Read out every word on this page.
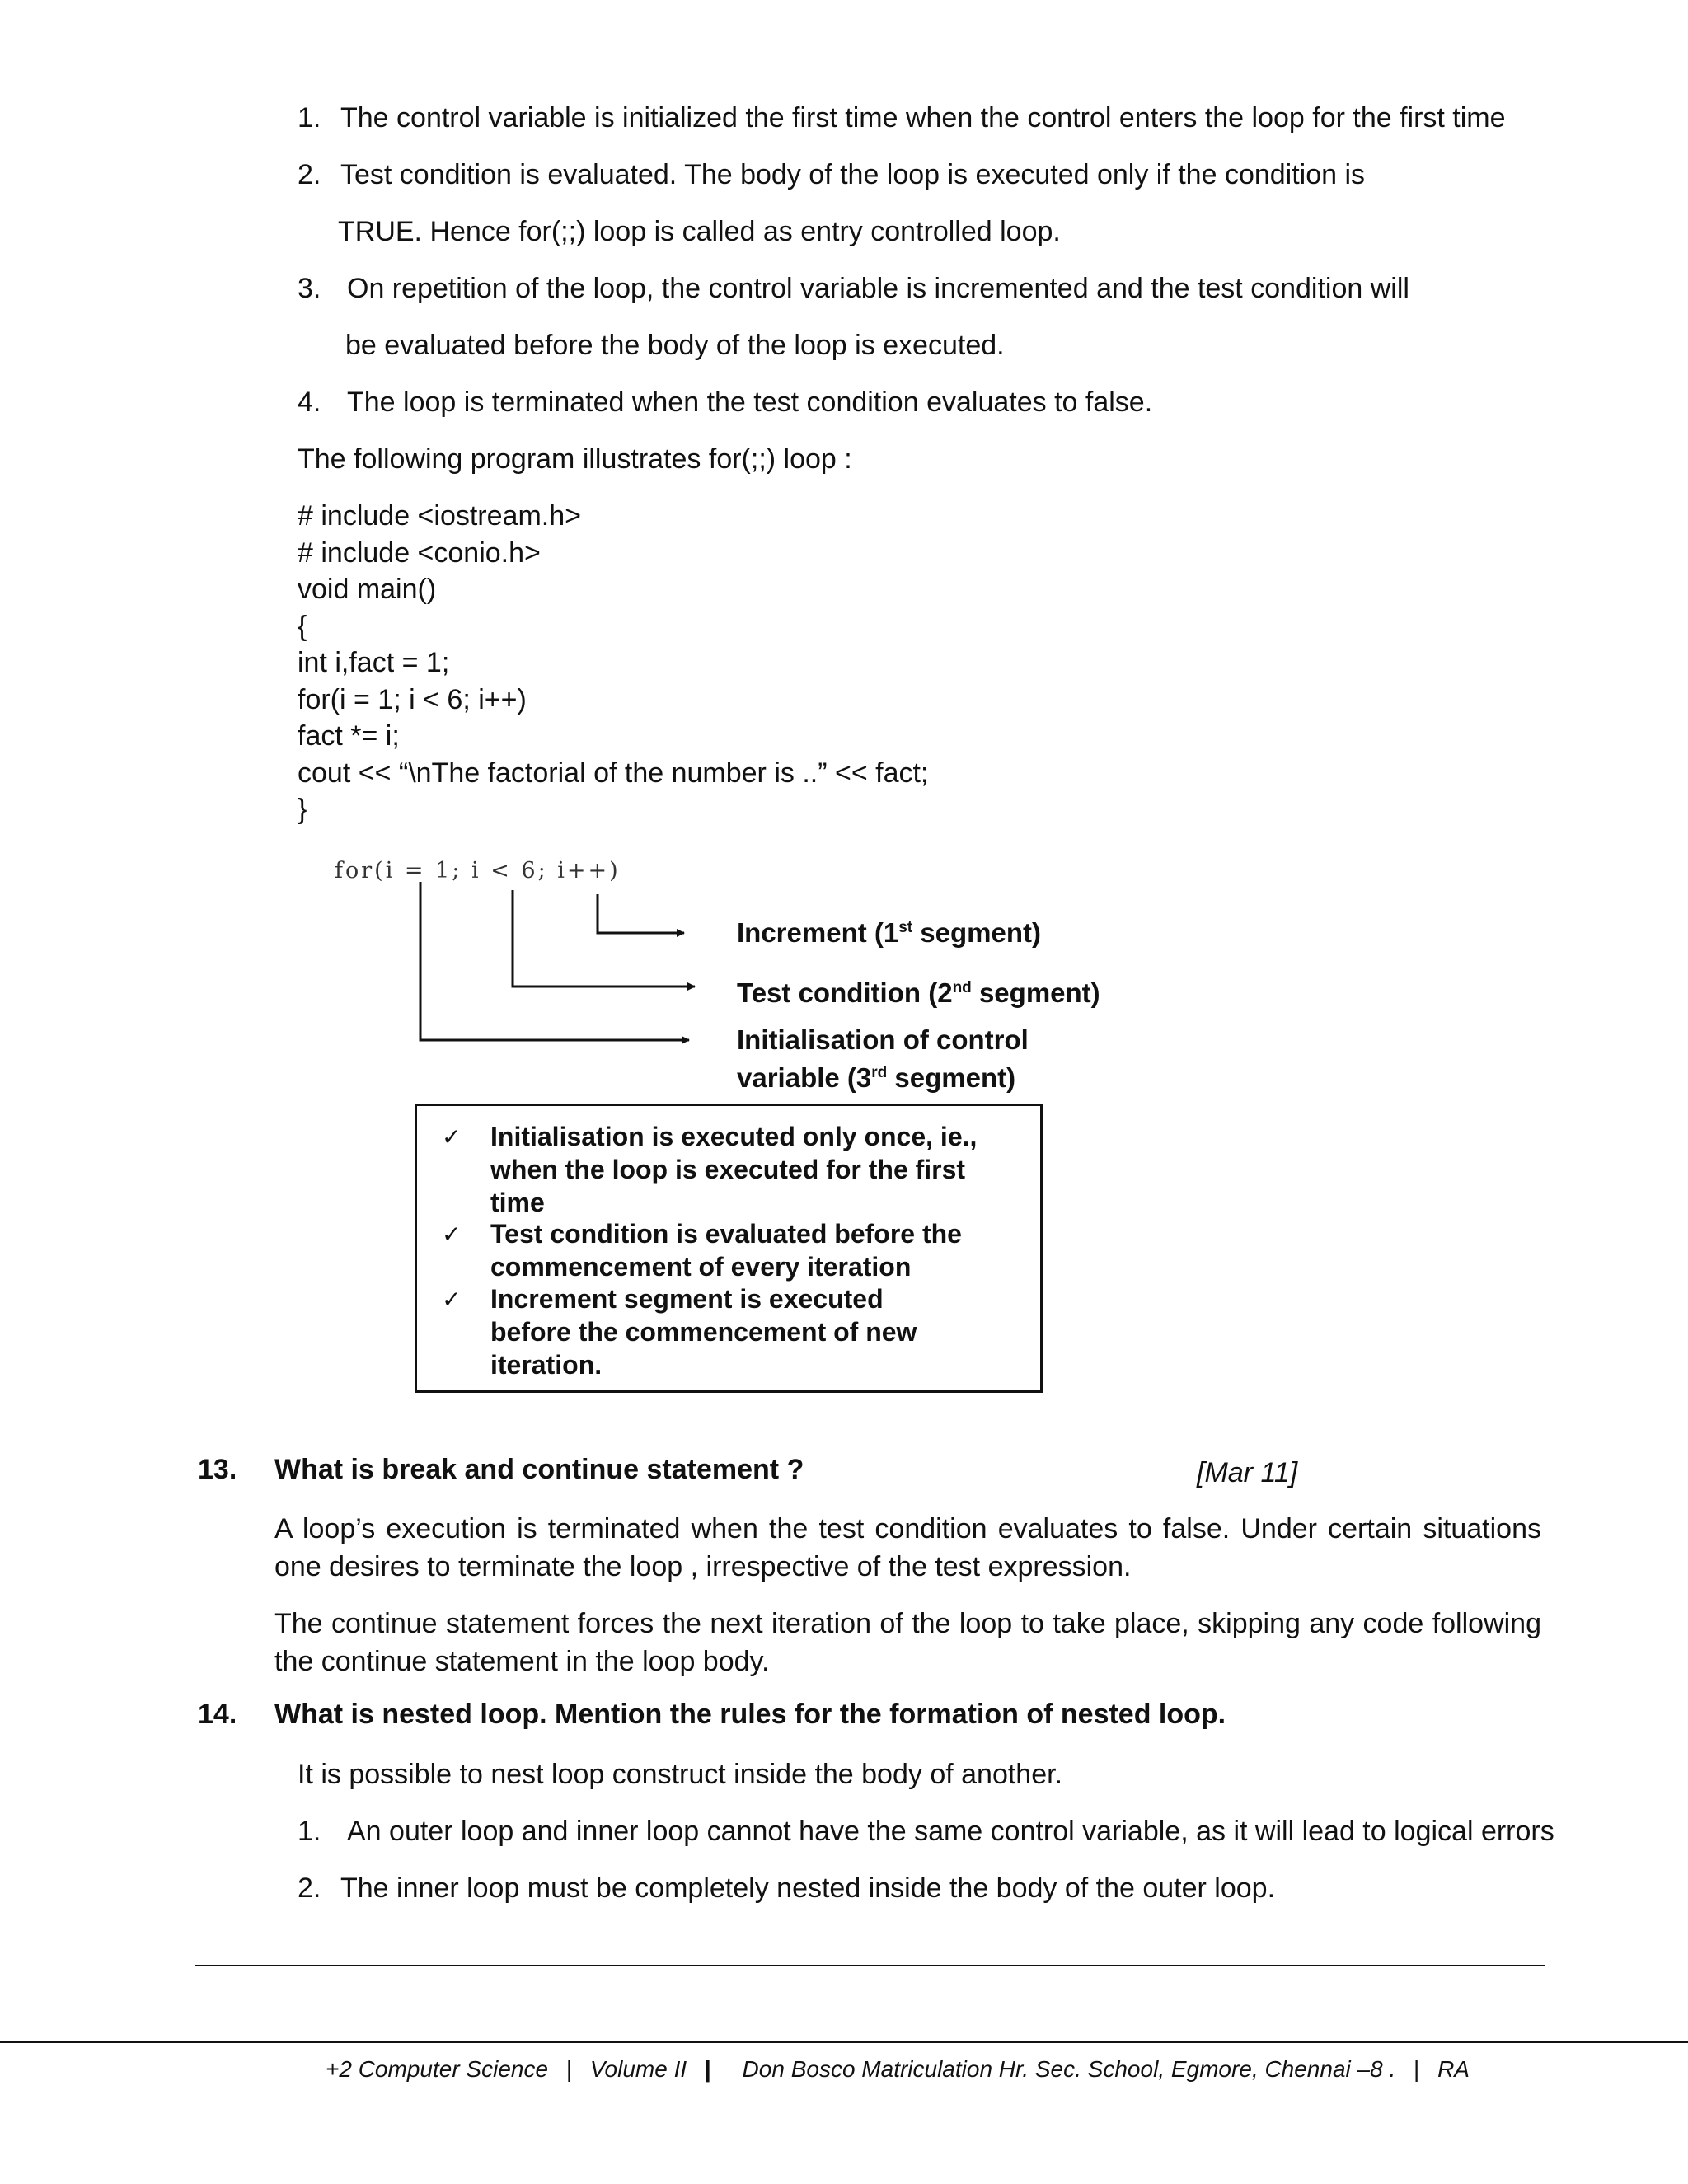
1. The control variable is initialized the first time when the control enters the loop for the first time
2. Test condition is evaluated. The body of the loop is executed only if the condition is
TRUE. Hence for(;;) loop is called as entry controlled loop.
3. On repetition of the loop, the control variable is incremented and the test condition will
be evaluated before the body of the loop is executed.
4. The loop is terminated when the test condition evaluates to false.
The following program illustrates for(;;) loop :
# include <iostream.h>
# include <conio.h>
void main()
{
int i,fact = 1;
for(i = 1; i < 6; i++)
fact *= i;
cout << “\nThe factorial of the number is ..” << fact;
}
for(i = 1; i < 6; i++)
Increment (1st segment)
Test condition (2nd segment)
Initialisation of control
variable (3rd segment)
✓ Initialisation is executed only once, ie.,
when the loop is executed for the first
time
✓ Test condition is evaluated before the
commencement of every iteration
✓ Increment segment is executed
before the commencement of new
iteration.
13. What is break and continue statement ?	[Mar 11]
A loop’s execution is terminated when the test condition evaluates to false. Under certain situations one desires to terminate the loop , irrespective of the test expression.
The continue statement forces the next iteration of the loop to take place, skipping any code following the continue statement in the loop body.
14. What is nested loop. Mention the rules for the formation of nested loop.
It is possible to nest loop construct inside the body of another.
1. An outer loop and inner loop cannot have the same control variable, as it will lead to logical errors
2. The inner loop must be completely nested inside the body of the outer loop.
+2 Computer Science | Volume II | Don Bosco Matriculation Hr. Sec. School, Egmore, Chennai –8 . | RA
